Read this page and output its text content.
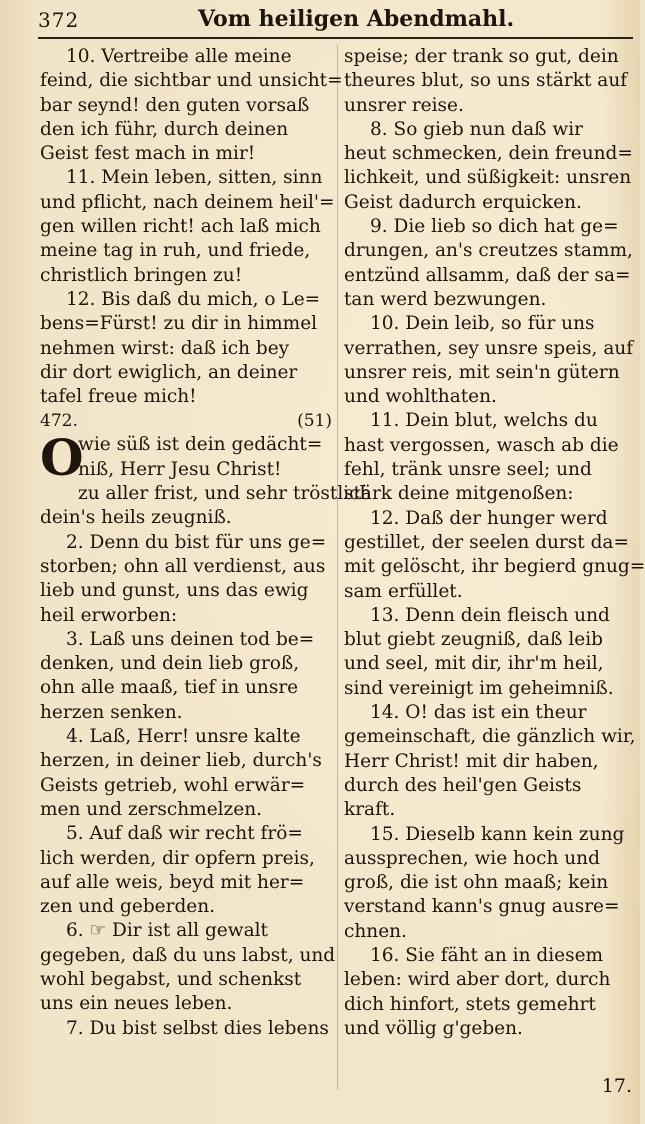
372	Vom heiligen Abendmahl.
10. Vertreibe alle meine
feind, die sichtbar und unsicht=
bar seynd! den guten vorsaß
den ich führ, durch deinen
Geist fest mach in mir!
11. Mein leben, sitten, sinn
und pflicht, nach deinem heil'=
gen willen richt! ach laß mich
meine tag in ruh, und friede,
christlich bringen zu!
12. Bis daß du mich, o Le=
bens=Fürst! zu dir in himmel
nehmen wirst: daß ich bey
dir dort ewiglich, an deiner
tafel freue mich!
472.	(51)
O
wie süß ist dein gedächt=
niß, Herr Jesu Christ!
zu aller frist, und sehr tröstlich
dein's heils zeugniß.
2. Denn du bist für uns ge=
storben; ohn all verdienst, aus
lieb und gunst, uns das ewig
heil erworben:
3. Laß uns deinen tod be=
denken, und dein lieb groß,
ohn alle maaß, tief in unsre
herzen senken.
4. Laß, Herr! unsre kalte
herzen, in deiner lieb, durch's
Geists getrieb, wohl erwär=
men und zerschmelzen.
5. Auf daß wir recht frö=
lich werden, dir opfern preis,
auf alle weis, beyd mit her=
zen und geberden.
6. ☞ Dir ist all gewalt
gegeben, daß du uns labst, und
wohl begabst, und schenkst
uns ein neues leben.
7. Du bist selbst dies lebens
speise; der trank so gut, dein
theures blut, so uns stärkt auf
unsrer reise.
8. So gieb nun daß wir
heut schmecken, dein freund=
lichkeit, und süßigkeit: unsren
Geist dadurch erquicken.
9. Die lieb so dich hat ge=
drungen, an's creutzes stamm,
entzünd allsamm, daß der sa=
tan werd bezwungen.
10. Dein leib, so für uns
verrathen, sey unsre speis, auf
unsrer reis, mit sein'n gütern
und wohlthaten.
11. Dein blut, welchs du
hast vergossen, wasch ab die
fehl, tränk unsre seel; und
stärk deine mitgenoßen:
12. Daß der hunger werd
gestillet, der seelen durst da=
mit gelöscht, ihr begierd gnug=
sam erfüllet.
13. Denn dein fleisch und
blut giebt zeugniß, daß leib
und seel, mit dir, ihr'm heil,
sind vereinigt im geheimniß.
14. O! das ist ein theur
gemeinschaft, die gänzlich wir,
Herr Christ! mit dir haben,
durch des heil'gen Geists
kraft.
15. Dieselb kann kein zung
aussprechen, wie hoch und
groß, die ist ohn maaß; kein
verstand kann's gnug ausre=
chnen.
16. Sie fäht an in diesem
leben: wird aber dort, durch
dich hinfort, stets gemehrt
und völlig g'geben.
17.
